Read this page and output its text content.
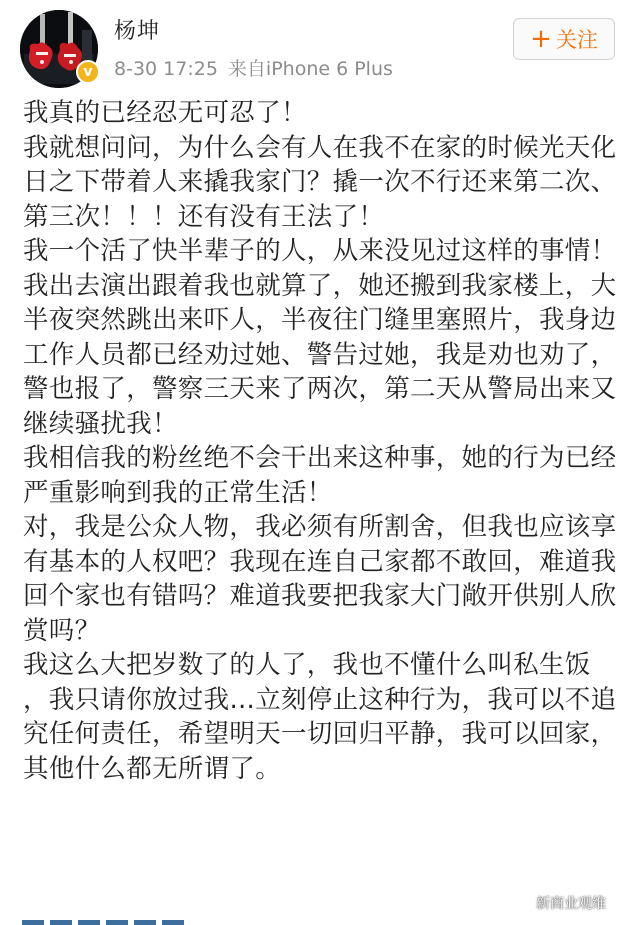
v
杨坤
8-30 17:25 来自iPhone 6 Plus
+ 关注

我真的已经忍无可忍了！

我就想问问，为什么会有人在我不在家的时候光天化日之下带着人来撬我家门？撬一次不行还来第二次、第三次！！！还有没有王法了！

我一个活了快半辈子的人，从来没见过这样的事情！我出去演出跟着我也就算了，她还搬到我家楼上，大半夜突然跳出来吓人，半夜往门缝里塞照片，我身边工作人员都已经劝过她、警告过她，我是劝也劝了，警也报了，警察三天来了两次，第二天从警局出来又继续骚扰我！

我相信我的粉丝绝不会干出来这种事，她的行为已经严重影响到我的正常生活！

对，我是公众人物，我必须有所割舍，但我也应该享有基本的人权吧？我现在连自己家都不敢回，难道我回个家也有错吗？难道我要把我家大门敞开供别人欣赏吗？

我这么大把岁数了的人了，我也不懂什么叫私生饭 ，我只请你放过我…立刻停止这种行为，我可以不追究任何责任，希望明天一切回归平静，我可以回家，其他什么都无所谓了。

新商业观维
